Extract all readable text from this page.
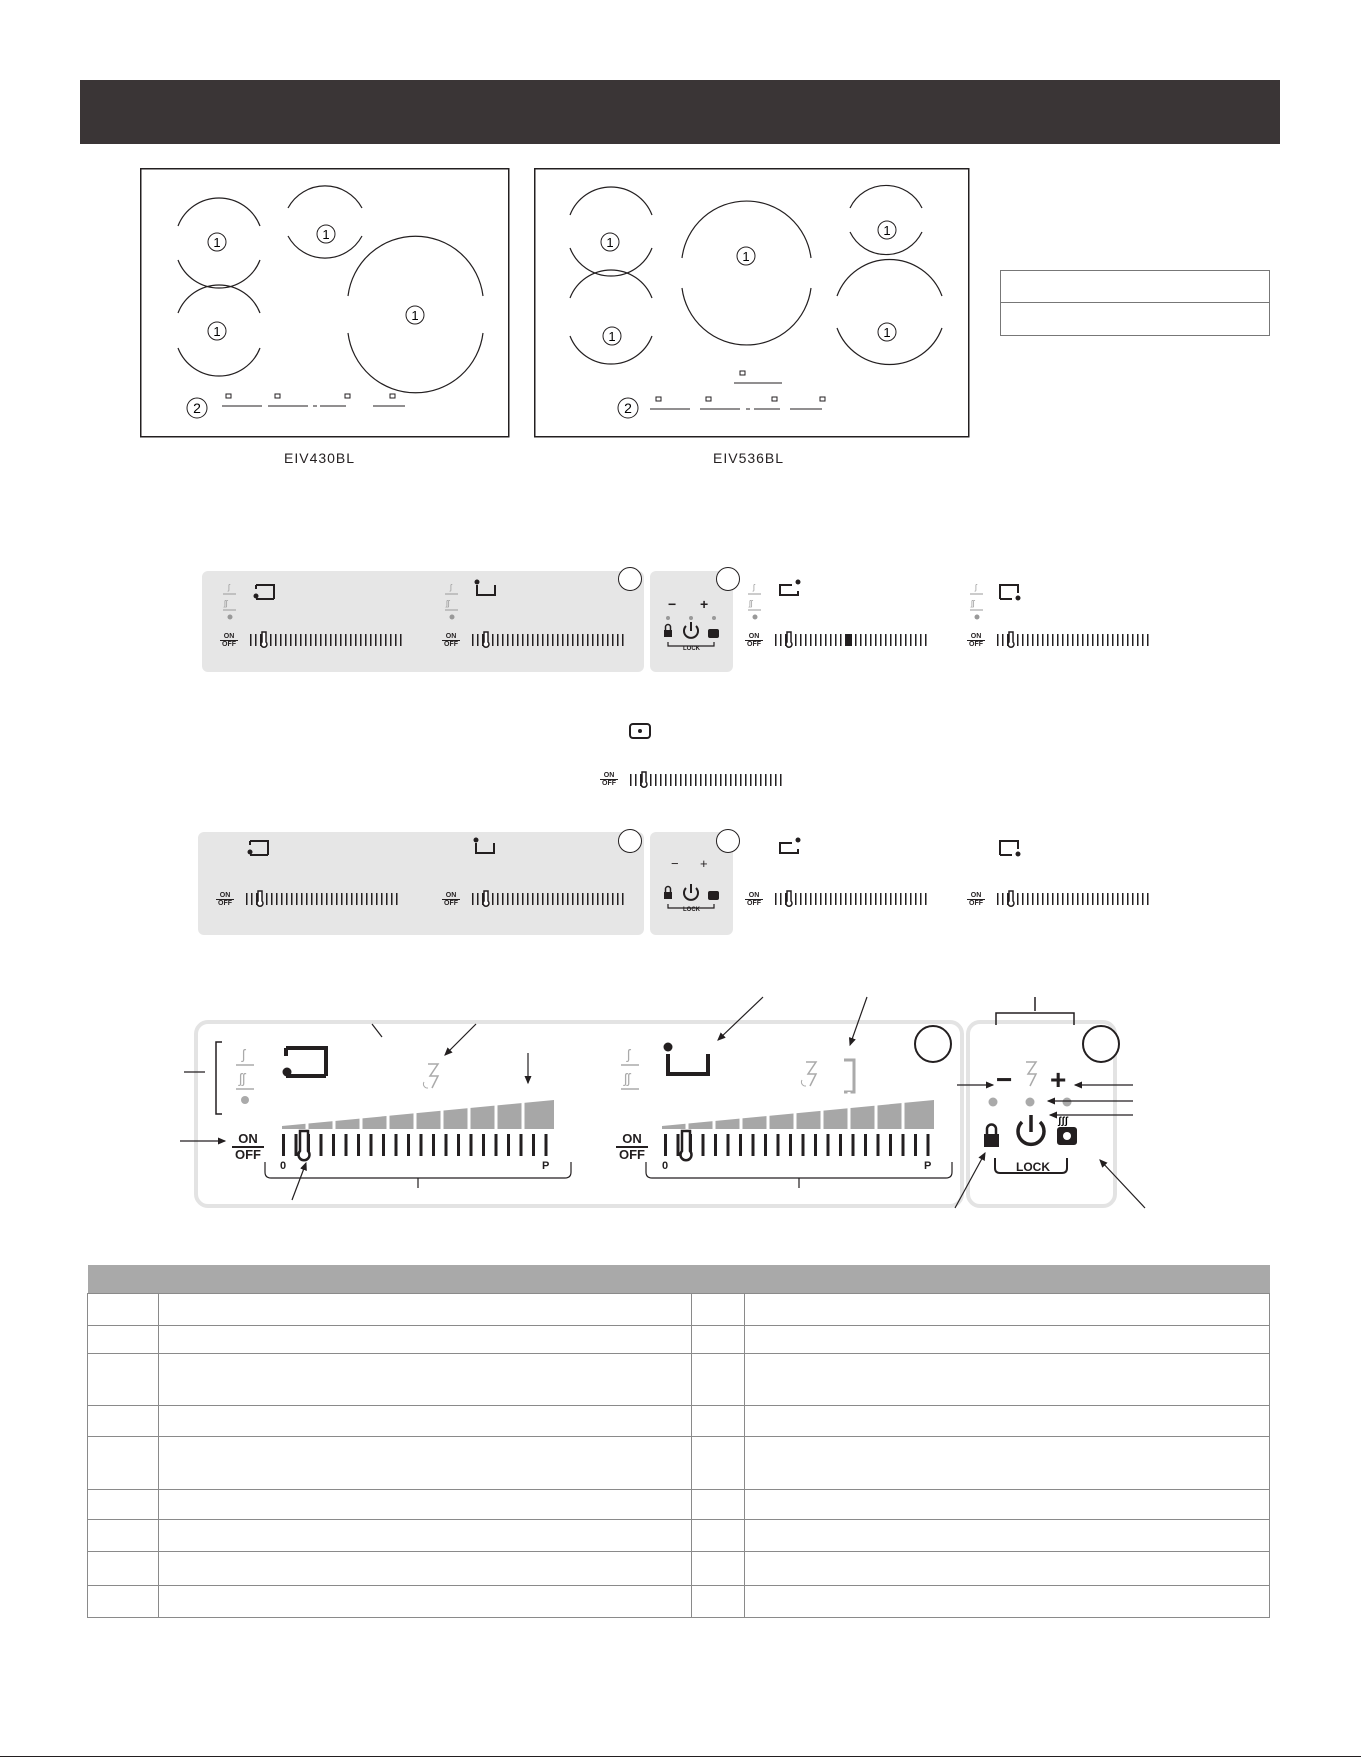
1
1
1
1
2
1
1
1
1
1
2
EIV430BL	EIV536BL
ʃ
ʃʃ
ON
OFF
ʃ
ʃʃ
ON
OFF
− +
LOCK
ʃ
ʃʃ
ON
OFF
ʃ
ʃʃ
ON
OFF
ON
OFF
ON
OFF
ON
OFF
− +
LOCK
ON
OFF
ON
OFF
ʃ
ʃʃ
ON
OFF
0	P
ʃ
ʃʃ
ON
OFF
0	P
− +
ʃʃʃ
LOCK
